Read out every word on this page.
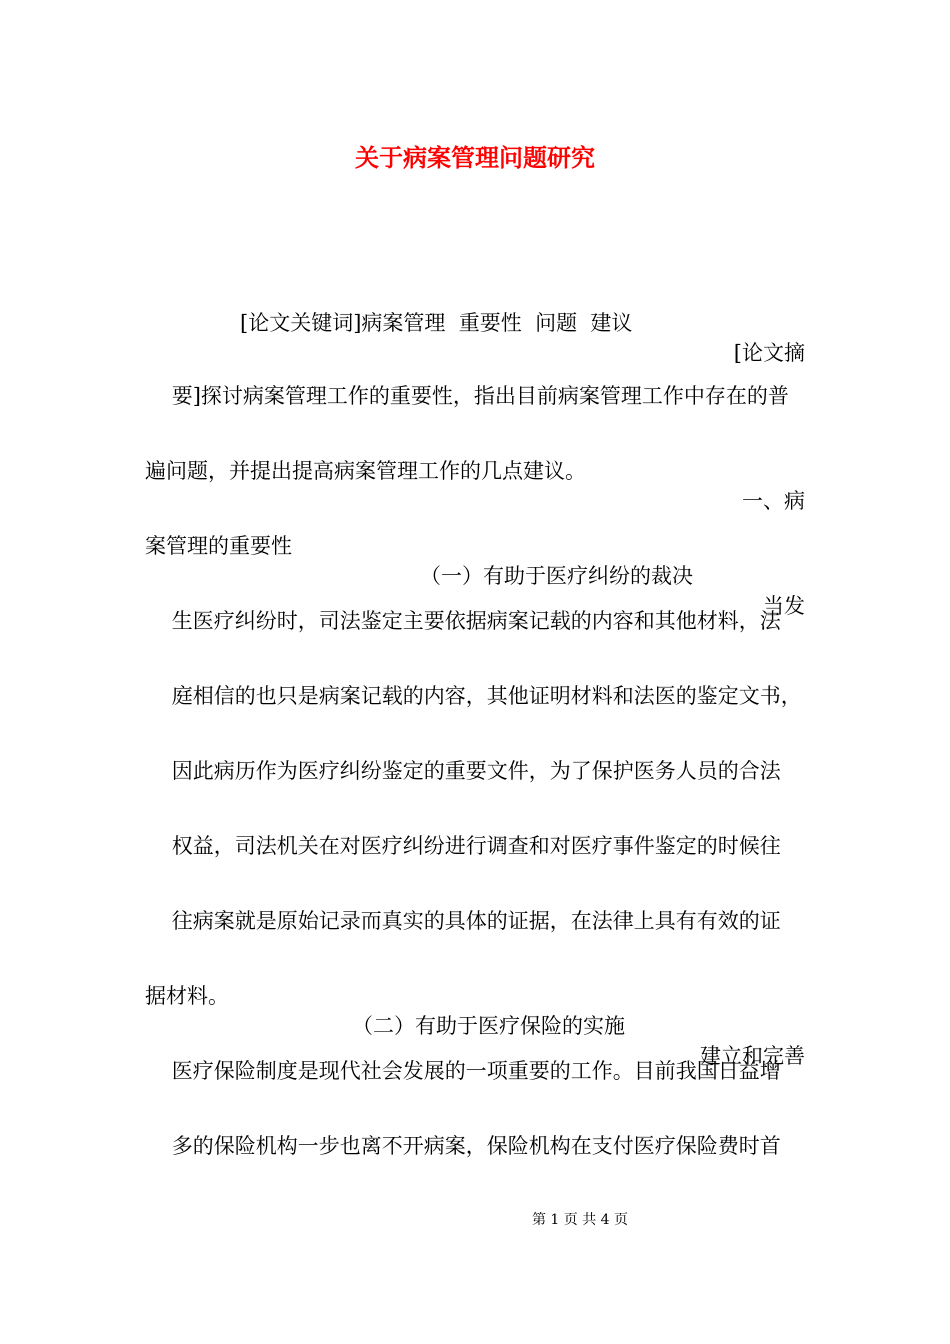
关于病案管理问题研究

[论文关键词]病案管理  重要性  问题  建议

[论文摘

要]探讨病案管理工作的重要性，指出目前病案管理工作中存在的普

遍问题，并提出提高病案管理工作的几点建议。

一、病

案管理的重要性

（一）有助于医疗纠纷的裁决

当发

生医疗纠纷时，司法鉴定主要依据病案记载的内容和其他材料，法

庭相信的也只是病案记载的内容，其他证明材料和法医的鉴定文书，

因此病历作为医疗纠纷鉴定的重要文件，为了保护医务人员的合法

权益，司法机关在对医疗纠纷进行调查和对医疗事件鉴定的时候往

往病案就是原始记录而真实的具体的证据，在法律上具有有效的证

据材料。

（二）有助于医疗保险的实施

建立和完善

医疗保险制度是现代社会发展的一项重要的工作。目前我国日益增

多的保险机构一步也离不开病案，保险机构在支付医疗保险费时首

第 1 页 共 4 页
